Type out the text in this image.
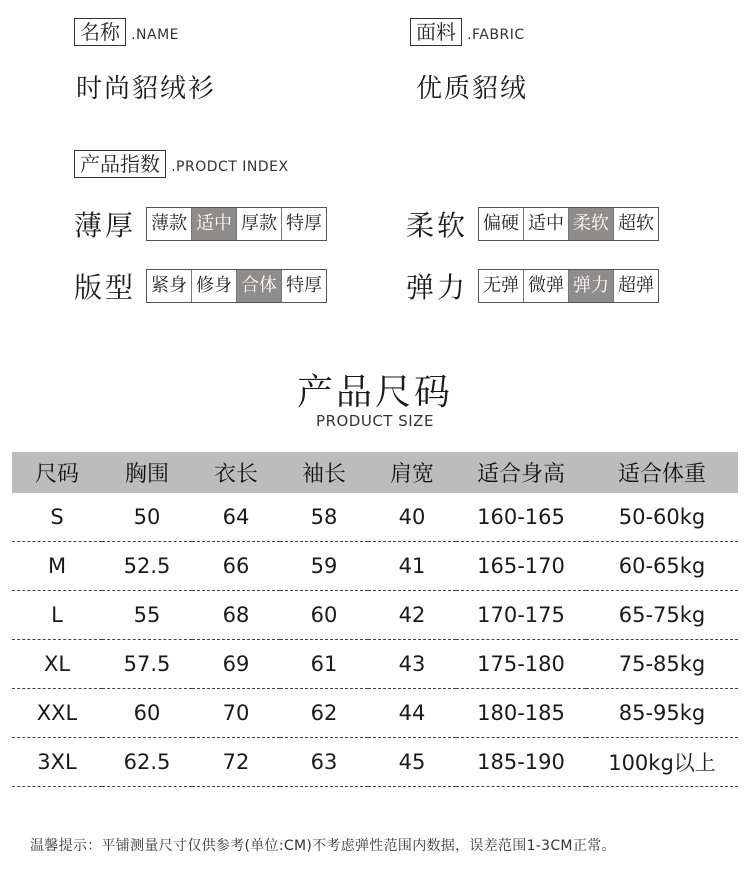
名称 .NAME
时尚貂绒衫
面料 .FABRIC
优质貂绒
产品指数 .PRODCT INDEX
薄厚 薄款 适中 厚款 特厚	柔软 偏硬 适中 柔软 超软
版型 紧身 修身 合体 特厚	弹力 无弹 微弹 弹力 超弹
产品尺码
PRODUCT SIZE
尺码	胸围	衣长	袖长	肩宽	适合身高	适合体重
S	50	64	58	40	160-165	50-60kg
M	52.5	66	59	41	165-170	60-65kg
L	55	68	60	42	170-175	65-75kg
XL	57.5	69	61	43	175-180	75-85kg
XXL	60	70	62	44	180-185	85-95kg
3XL	62.5	72	63	45	185-190	100kg以上
温馨提示：平铺测量尺寸仅供参考(单位:CM)不考虑弹性范围内数据，误差范围1-3CM正常。
